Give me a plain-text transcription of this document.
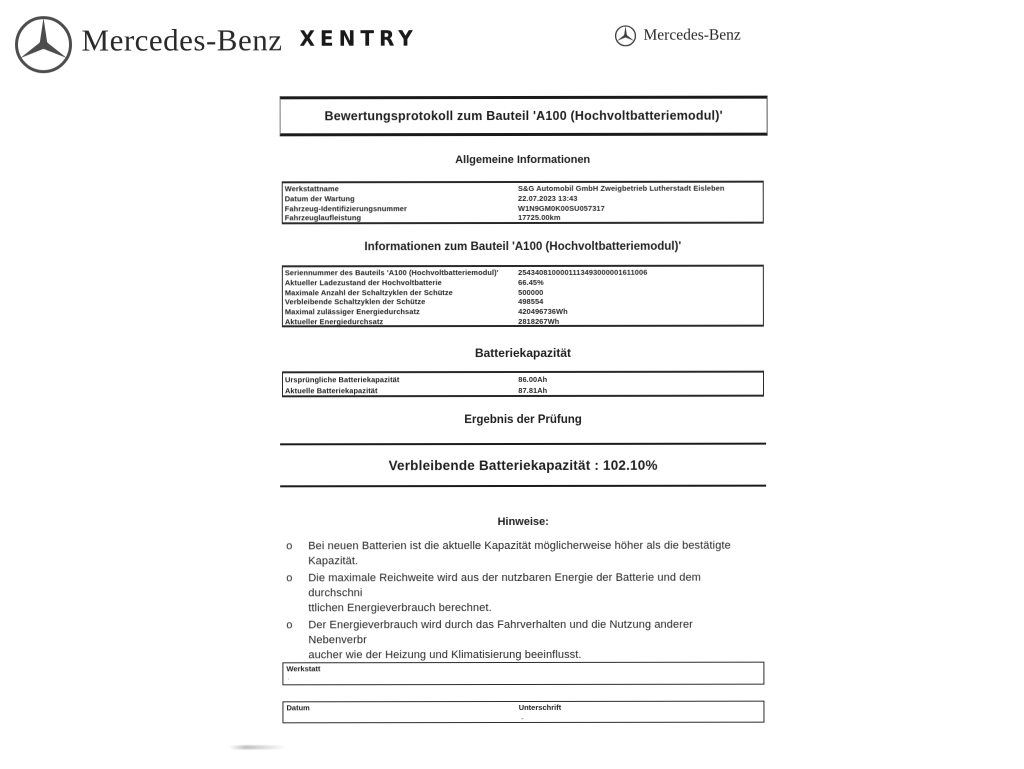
Mercedes-Benz XENTRY	Mercedes-Benz
Bewertungsprotokoll zum Bauteil 'A100 (Hochvoltbatteriemodul)'
Allgemeine Informationen
Werkstattname	S&G Automobil GmbH Zweigbetrieb Lutherstadt Eisleben
Datum der Wartung	22.07.2023 13:43
Fahrzeug-Identifizierungsnummer	W1N9GM0K00SU057317
Fahrzeuglaufleistung	17725.00km
Informationen zum Bauteil 'A100 (Hochvoltbatteriemodul)'
Seriennummer des Bauteils 'A100 (Hochvoltbatteriemodul)'	2543408100001113493000001611006
Aktueller Ladezustand der Hochvoltbatterie	66.45%
Maximale Anzahl der Schaltzyklen der Schütze	500000
Verbleibende Schaltzyklen der Schütze	498554
Maximal zulässiger Energiedurchsatz	420496736Wh
Aktueller Energiedurchsatz	2818267Wh
Batteriekapazität
Ursprüngliche Batteriekapazität	86.00Ah
Aktuelle Batteriekapazität	87.81Ah
Ergebnis der Prüfung
Verbleibende Batteriekapazität : 102.10%
Hinweise:
o	Bei neuen Batterien ist die aktuelle Kapazität möglicherweise höher als die bestätigte
Kapazität.
o	Die maximale Reichweite wird aus der nutzbaren Energie der Batterie und dem durchschni
ttlichen Energieverbrauch berechnet.
o	Der Energieverbrauch wird durch das Fahrverhalten und die Nutzung anderer Nebenverbr
aucher wie der Heizung und Klimatisierung beeinflusst.
Werkstatt
.
Datum	Unterschrift
-
